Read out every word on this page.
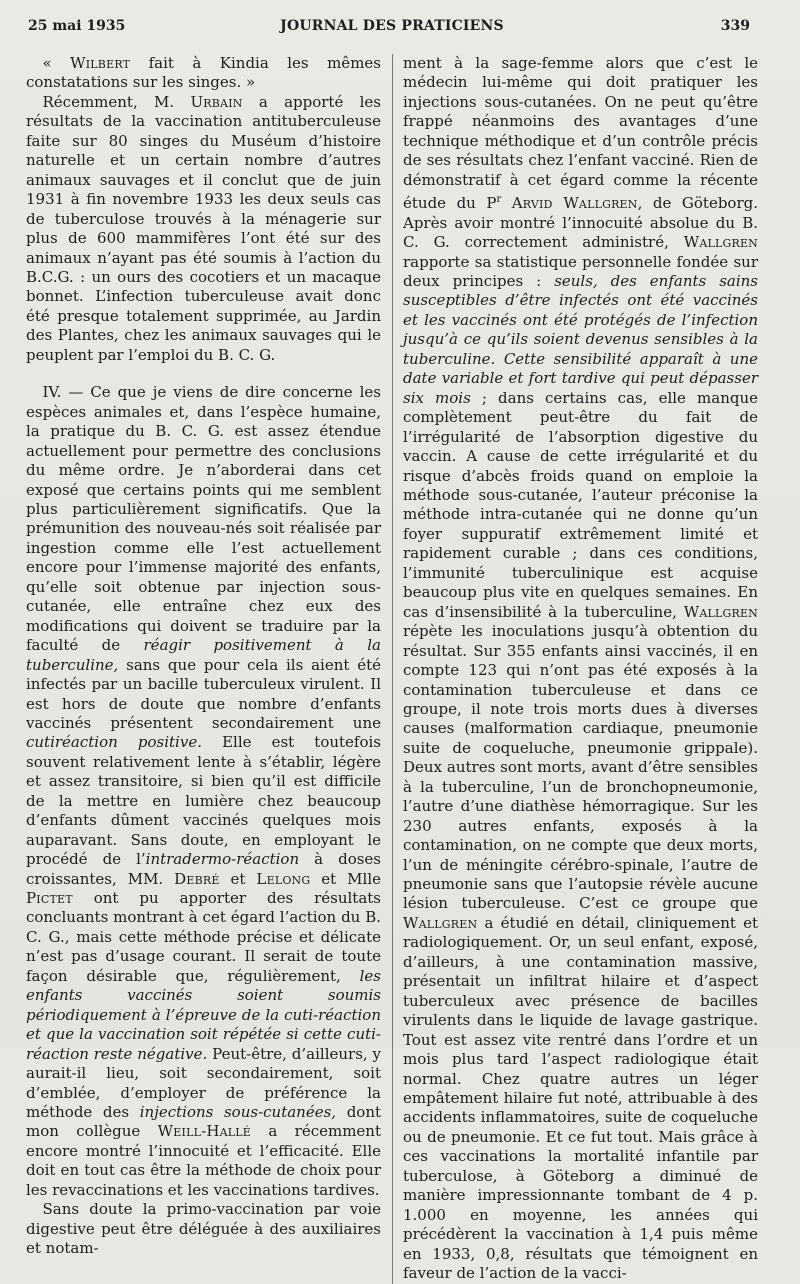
25 mai 1935	JOURNAL DES PRATICIENS	339

« Wilbert fait à Kindia les mêmes constatations sur les singes. »

Récemment, M. Urbain a apporté les résultats de la vaccination antituberculeuse faite sur 80 singes du Muséum d’histoire naturelle et un certain nombre d’autres animaux sauvages et il conclut que de juin 1931 à fin novembre 1933 les deux seuls cas de tuberculose trouvés à la ménagerie sur plus de 600 mammifères l’ont été sur des animaux n’ayant pas été soumis à l’action du B.C.G. : un ours des cocotiers et un macaque bonnet. L’infection tuberculeuse avait donc été presque totalement supprimée, au Jardin des Plantes, chez les animaux sauvages qui le peuplent par l’emploi du B. C. G.

IV. — Ce que je viens de dire concerne les espèces animales et, dans l’espèce humaine, la pratique du B. C. G. est assez étendue actuellement pour permettre des conclusions du même ordre. Je n’aborderai dans cet exposé que certains points qui me semblent plus particulièrement significatifs. Que la prémunition des nouveau-nés soit réalisée par ingestion comme elle l’est actuellement encore pour l’immense majorité des enfants, qu’elle soit obtenue par injection sous-cutanée, elle entraîne chez eux des modifications qui doivent se traduire par la faculté de réagir positivement à la tuberculine, sans que pour cela ils aient été infectés par un bacille tuberculeux virulent. Il est hors de doute que nombre d’enfants vaccinés présentent secondairement une cutiréaction positive. Elle est toutefois souvent relativement lente à s’établir, légère et assez transitoire, si bien qu’il est difficile de la mettre en lumière chez beaucoup d’enfants dûment vaccinés quelques mois auparavant. Sans doute, en employant le procédé de l’intradermo-réaction à doses croissantes, MM. Debré et Lelong et Mlle Pictet ont pu apporter des résultats concluants montrant à cet égard l’action du B. C. G., mais cette méthode précise et délicate n’est pas d’usage courant. Il serait de toute façon désirable que, régulièrement, les enfants vaccinés soient soumis périodiquement à l’épreuve de la cuti-réaction et que la vaccination soit répétée si cette cuti-réaction reste négative. Peut-être, d’ailleurs, y aurait-il lieu, soit secondairement, soit d’emblée, d’employer de préférence la méthode des injections sous-cutanées, dont mon collègue Weill-Hallé a récemment encore montré l’innocuité et l’efficacité. Elle doit en tout cas être la méthode de choix pour les revaccinations et les vaccinations tardives.

Sans doute la primo-vaccination par voie digestive peut être déléguée à des auxiliaires et notam-

ment à la sage-femme alors que c’est le médecin lui-même qui doit pratiquer les injections sous-cutanées. On ne peut qu’être frappé néanmoins des avantages d’une technique méthodique et d’un contrôle précis de ses résultats chez l’enfant vacciné. Rien de démonstratif à cet égard comme la récente étude du $P^r$ Arvid Wallgren, de Göteborg. Après avoir montré l’innocuité absolue du B. C. G. correctement administré, Wallgren rapporte sa statistique personnelle fondée sur deux principes : seuls, des enfants sains susceptibles d’être infectés ont été vaccinés et les vaccinés ont été protégés de l’infection jusqu’à ce qu’ils soient devenus sensibles à la tuberculine. Cette sensibilité apparaît à une date variable et fort tardive qui peut dépasser six mois ; dans certains cas, elle manque complètement peut-être du fait de l’irrégularité de l’absorption digestive du vaccin. A cause de cette irrégularité et du risque d’abcès froids quand on emploie la méthode sous-cutanée, l’auteur préconise la méthode intra-cutanée qui ne donne qu’un foyer suppuratif extrêmement limité et rapidement curable ; dans ces conditions, l’immunité tuberculinique est acquise beaucoup plus vite en quelques semaines. En cas d’insensibilité à la tuberculine, Wallgren répète les inoculations jusqu’à obtention du résultat. Sur 355 enfants ainsi vaccinés, il en compte 123 qui n’ont pas été exposés à la contamination tuberculeuse et dans ce groupe, il note trois morts dues à diverses causes (malformation cardiaque, pneumonie suite de coqueluche, pneumonie grippale). Deux autres sont morts, avant d’être sensibles à la tuberculine, l’un de bronchopneumonie, l’autre d’une diathèse hémorragique. Sur les 230 autres enfants, exposés à la contamination, on ne compte que deux morts, l’un de méningite cérébro-spinale, l’autre de pneumonie sans que l’autopsie révèle aucune lésion tuberculeuse. C’est ce groupe que Wallgren a étudié en détail, cliniquement et radiologiquement. Or, un seul enfant, exposé, d’ailleurs, à une contamination massive, présentait un infiltrat hilaire et d’aspect tuberculeux avec présence de bacilles virulents dans le liquide de lavage gastrique. Tout est assez vite rentré dans l’ordre et un mois plus tard l’aspect radiologique était normal. Chez quatre autres un léger empâtement hilaire fut noté, attribuable à des accidents inflammatoires, suite de coqueluche ou de pneumonie. Et ce fut tout. Mais grâce à ces vaccinations la mortalité infantile par tuberculose, à Göteborg a diminué de manière impressionnante tombant de 4 p. 1.000 en moyenne, les années qui précédèrent la vaccination à 1,4 puis même en 1933, 0,8, résultats que témoignent en faveur de l’action de la vacci-
